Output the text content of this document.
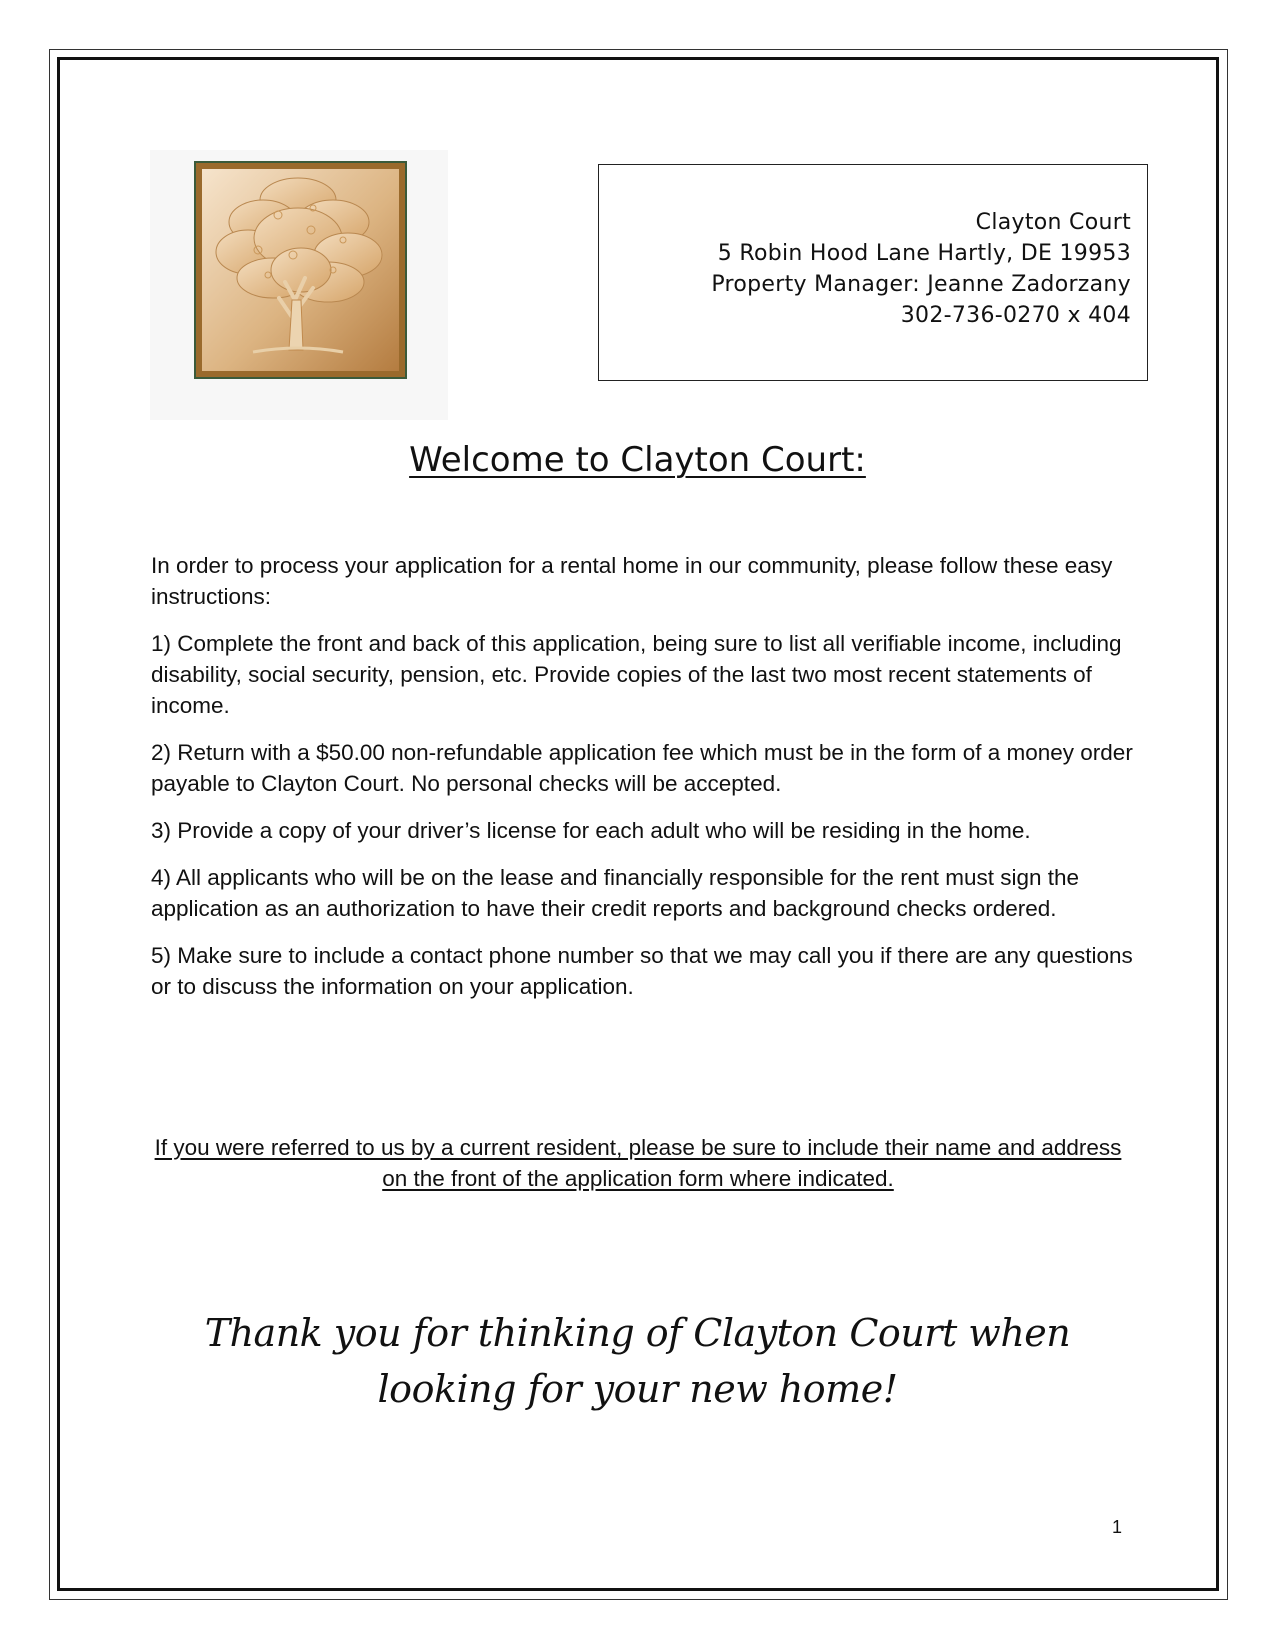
Clayton Court
5 Robin Hood Lane Hartly, DE 19953
Property Manager: Jeanne Zadorzany
302-736-0270 x 404
Welcome to Clayton Court:

In order to process your application for a rental home in our community, please follow these easy instructions:

1) Complete the front and back of this application, being sure to list all verifiable income, including disability, social security, pension, etc. Provide copies of the last two most recent statements of income.

2) Return with a $50.00 non-refundable application fee which must be in the form of a money order payable to Clayton Court. No personal checks will be accepted.

3) Provide a copy of your driver’s license for each adult who will be residing in the home.

4) All applicants who will be on the lease and financially responsible for the rent must sign the application as an authorization to have their credit reports and background checks ordered.

5) Make sure to include a contact phone number so that we may call you if there are any questions or to discuss the information on your application.

If you were referred to us by a current resident, please be sure to include their name and address on the front of the application form where indicated.
Thank you for thinking of Clayton Court when looking for your new home!
1
